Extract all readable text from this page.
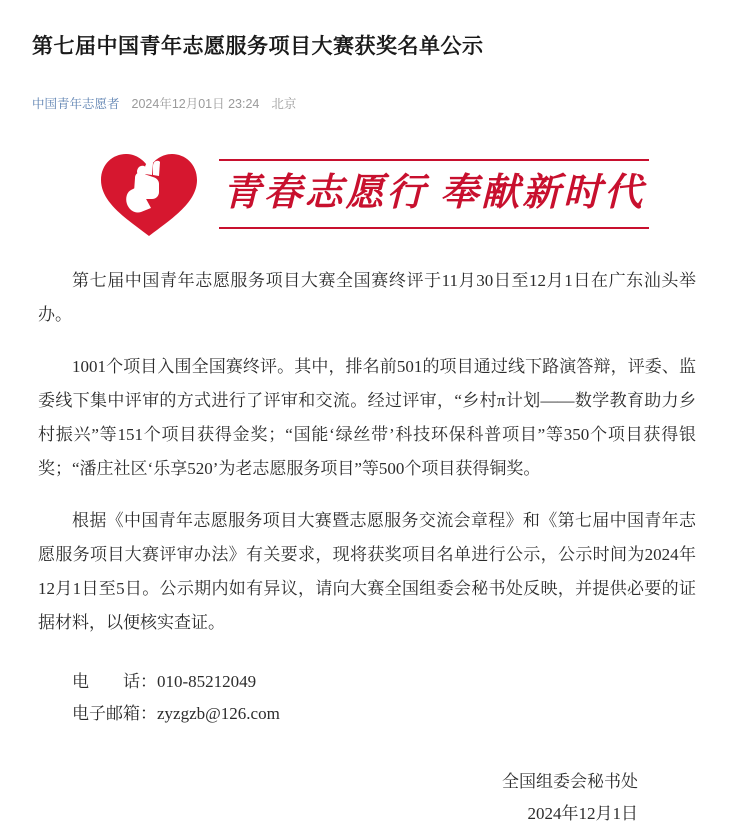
第七届中国青年志愿服务项目大赛获奖名单公示
中国青年志愿者 2024年12月01日 23:24 北京
青春志愿行 奉献新时代

第七届中国青年志愿服务项目大赛全国赛终评于11月30日至12月1日在广东汕头举办。

1001个项目入围全国赛终评。其中，排名前501的项目通过线下路演答辩，评委、监委线下集中评审的方式进行了评审和交流。经过评审，“乡村π计划——数学教育助力乡村振兴”等151个项目获得金奖；“国能‘绿丝带’科技环保科普项目”等350个项目获得银奖；“潘庄社区‘乐享520’为老志愿服务项目”等500个项目获得铜奖。

根据《中国青年志愿服务项目大赛暨志愿服务交流会章程》和《第七届中国青年志愿服务项目大赛评审办法》有关要求，现将获奖项目名单进行公示，公示时间为2024年12月1日至5日。公示期内如有异议，请向大赛全国组委会秘书处反映，并提供必要的证据材料，以便核实查证。

电　　话：010-85212049

电子邮箱：zyzgzb@126.com

全国组委会秘书处
2024年12月1日
